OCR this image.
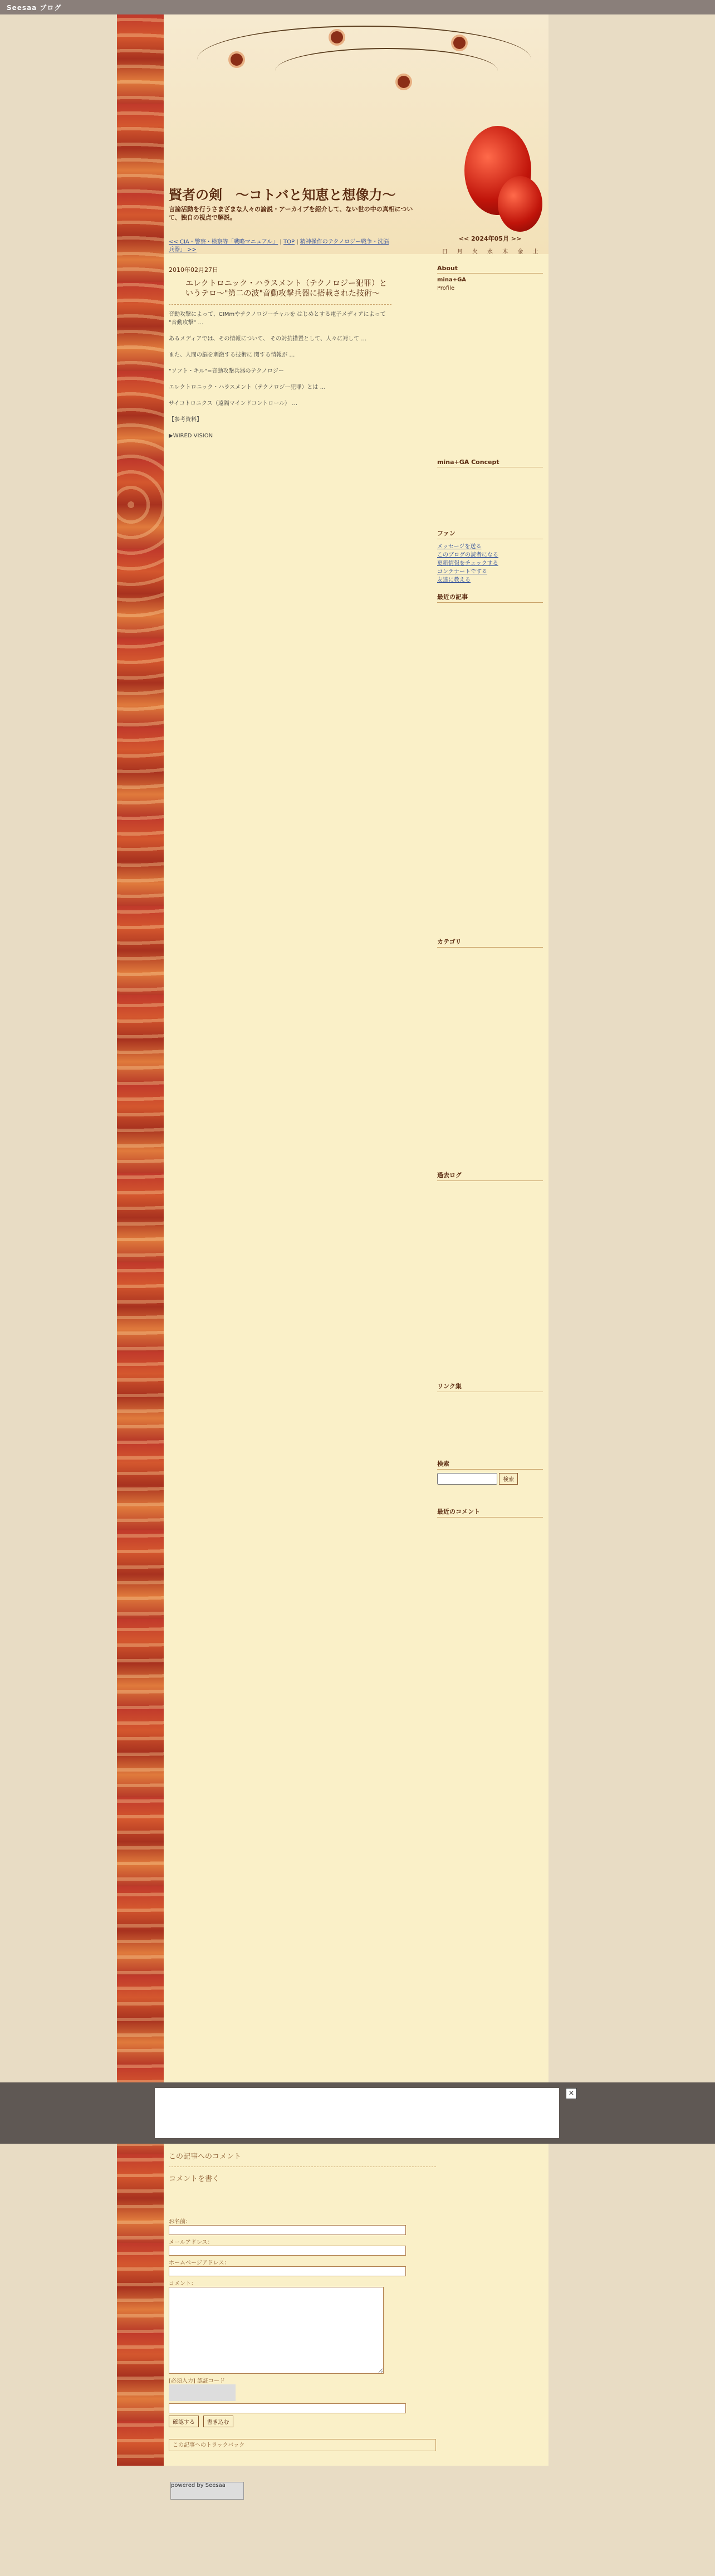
Seesaa ブログ
賢者の剣　～コトバと知恵と想像力～
言論活動を行うさまざまな人々の論説・アーカイブを紹介して、ない世の中の真相について、独自の視点で解説。
<< CIA・警察・検察等「戦略マニュアル」 | TOP | 精神操作のテクノロジー戦争・洗脳兵器」 >>
2010年02月27日
エレクトロニック・ハラスメント（テクノロジー犯罪）というテロ〜"第二の波"音動攻撃兵器に搭載された技術〜

音動攻撃によって、CIMmやテクノロジーチャルを はじめとする電子メディアによって "音動攻撃" …

あるメディアでは、その情報について、 その対抗措置として、人々に対して …

また、人間の脳を刺激する技術に 関する情報が …

"ソフト・キル"=音動攻撃兵器のテクノロジー

エレクトロニック・ハラスメント（テクノロジー犯罪）とは …

サイコトロニクス（遠隔マインドコントロール） …

【参考資料】

▶WIRED VISION

<< 2024年05月 >>
日	月	火	水	木	金	土
About
mina+GA
Profile
mina+GA Concept
ファン
メッセージを送る
このブログの読者になる
更新情報をチェックする
コンテナートでする
友達に教える
最近の記事
カテゴリ
過去ログ
リンク集
検索
検索
最近のコメント
×
この記事へのコメント
コメントを書く
お名前：
メールアドレス：
ホームページアドレス：
コメント：
[必須入力] 認証コード
確認する 書き込む
この記事へのトラックバック
powered by Seesaa
